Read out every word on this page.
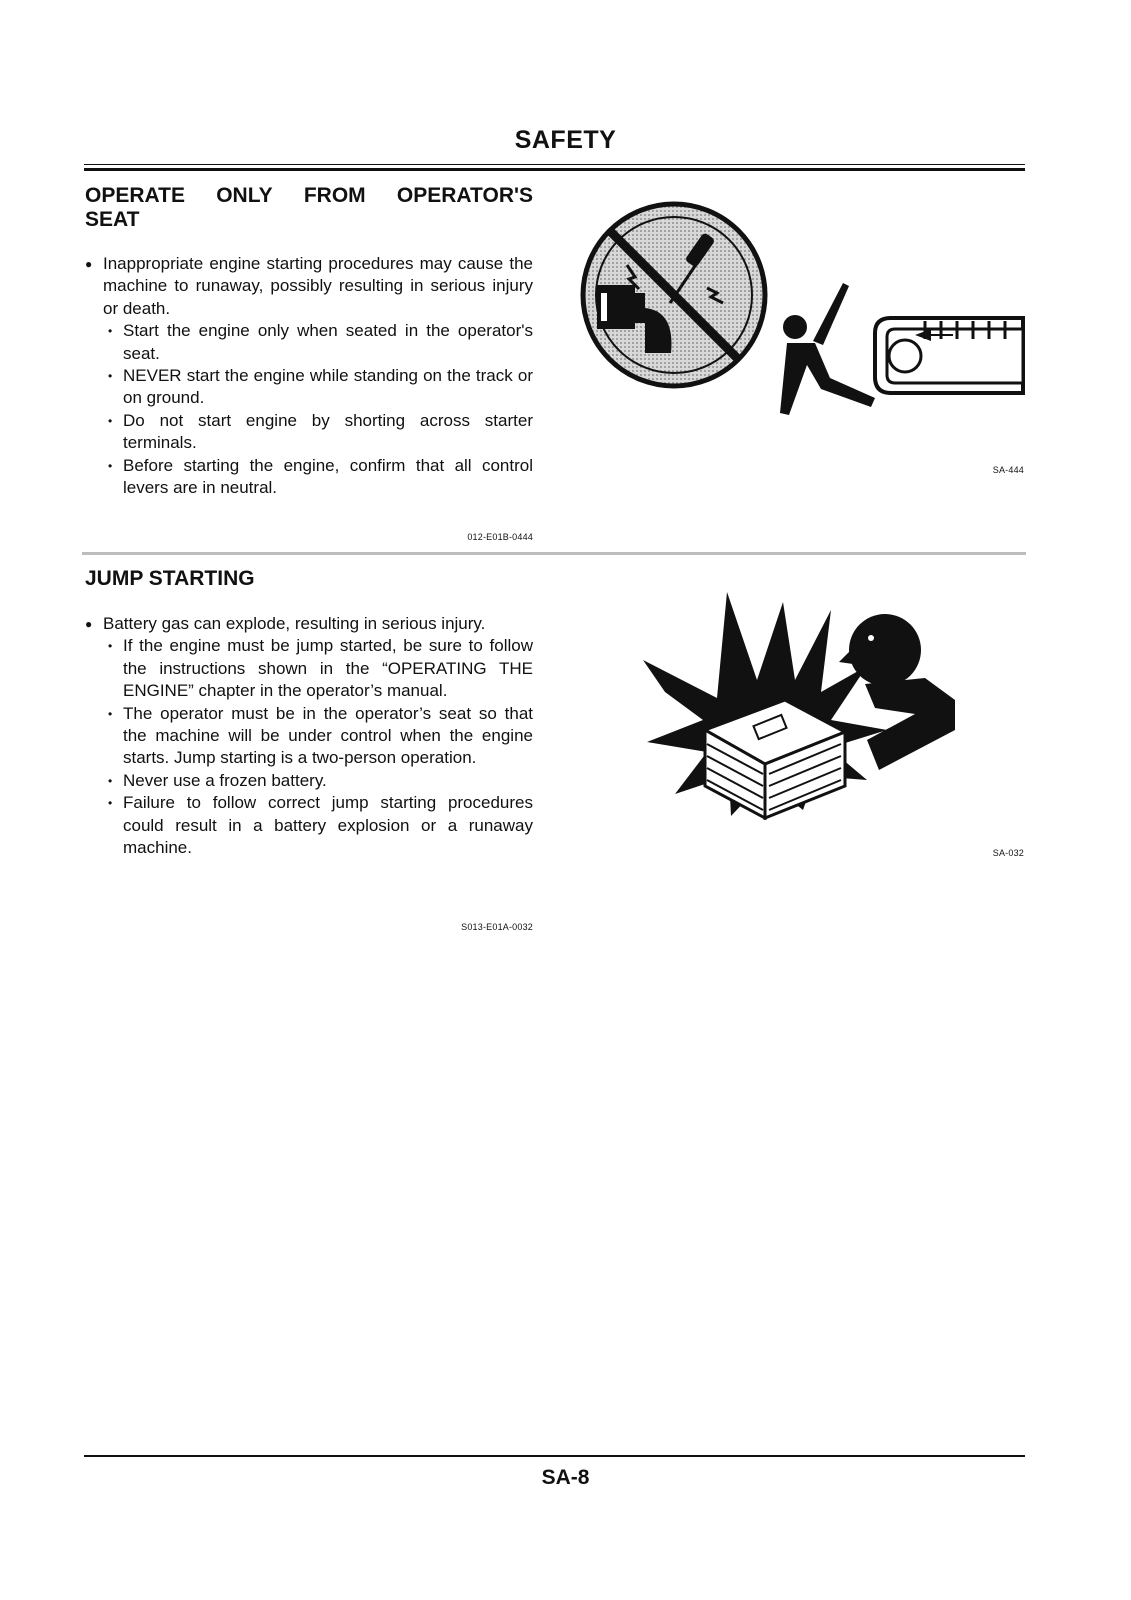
SAFETY
OPERATE ONLY FROM OPERATOR'S
SEAT
● Inappropriate engine starting procedures may cause the machine to runaway, possibly resulting in serious injury or death.
• Start the engine only when seated in the operator's seat.
• NEVER start the engine while standing on the track or on ground.
• Do not start engine by shorting across starter terminals.
• Before starting the engine, confirm that all control levers are in neutral.
012-E01B-0444
SA-444
JUMP STARTING
● Battery gas can explode, resulting in serious injury.
• If the engine must be jump started, be sure to follow the instructions shown in the “OPERATING THE ENGINE” chapter in the operator’s manual.
• The operator must be in the operator’s seat so that the machine will be under control when the engine starts. Jump starting is a two-person operation.
• Never use a frozen battery.
• Failure to follow correct jump starting procedures could result in a battery explosion or a runaway machine.
S013-E01A-0032
SA-032
SA-8
